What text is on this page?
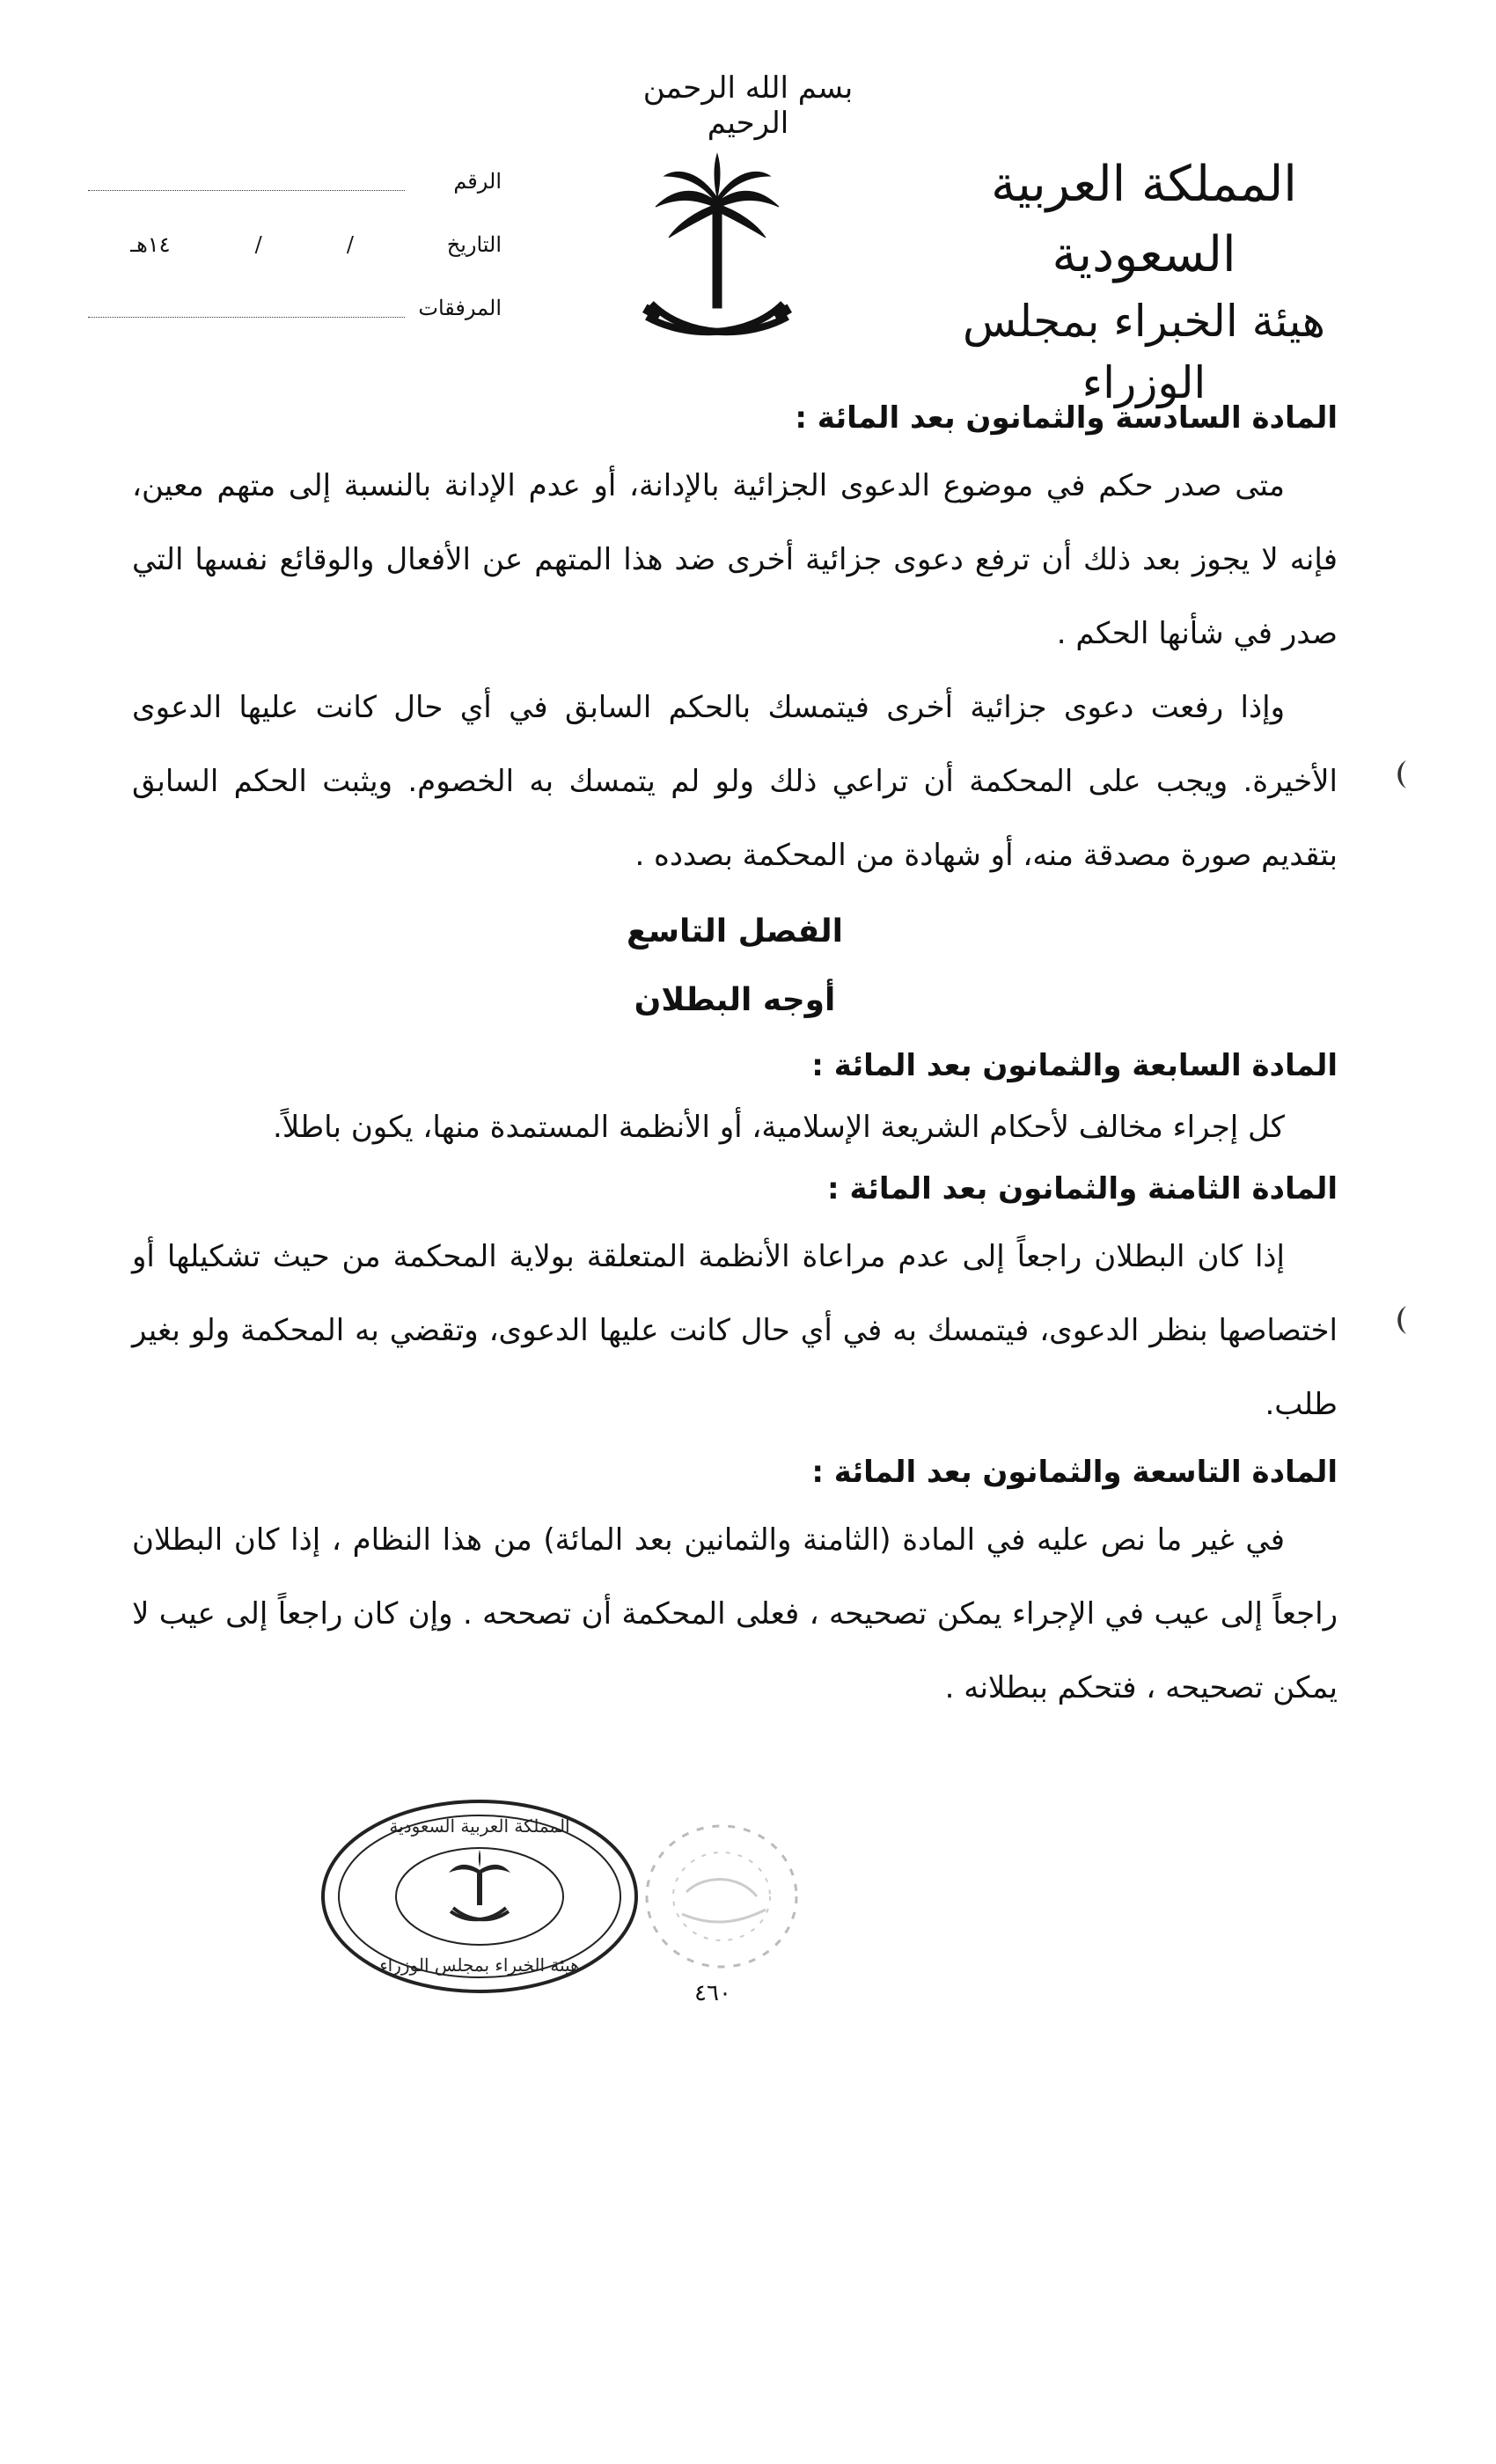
بسم الله الرحمن الرحيم
المملكة العربية السعودية
هيئة الخبراء بمجلس الوزراء
الرقم
التاريخ
/
/
١٤هـ
المرفقات
المادة السادسة والثمانون بعد المائة :

متى صدر حكم في موضوع الدعوى الجزائية بالإدانة، أو عدم الإدانة بالنسبة إلى متهم معين، فإنه لا يجوز بعد ذلك أن ترفع دعوى جزائية أخرى ضد هذا المتهم عن الأفعال والوقائع نفسها التي صدر في شأنها الحكم .

وإذا رفعت دعوى جزائية أخرى فيتمسك بالحكم السابق في أي حال كانت عليها الدعوى الأخيرة. ويجب على المحكمة أن تراعي ذلك ولو لم يتمسك به الخصوم. ويثبت الحكم السابق بتقديم صورة مصدقة منه، أو شهادة من المحكمة بصدده .

الفصل التاسع
أوجه البطلان
المادة السابعة والثمانون بعد المائة :

كل إجراء مخالف لأحكام الشريعة الإسلامية، أو الأنظمة المستمدة منها، يكون باطلاً.

المادة الثامنة والثمانون بعد المائة :

إذا كان البطلان راجعاً إلى عدم مراعاة الأنظمة المتعلقة بولاية المحكمة من حيث تشكيلها أو اختصاصها بنظر الدعوى، فيتمسك به في أي حال كانت عليها الدعوى، وتقضي به المحكمة ولو بغير طلب.

المادة التاسعة والثمانون بعد المائة :

في غير ما نص عليه في المادة (الثامنة والثمانين بعد المائة) من هذا النظام ، إذا كان البطلان راجعاً إلى عيب في الإجراء يمكن تصحيحه ، فعلى المحكمة أن تصححه . وإن كان راجعاً إلى عيب لا يمكن تصحيحه ، فتحكم ببطلانه .

المملكة العربية السعودية
هيئة الخبراء بمجلس الوزراء
٤٦٠
